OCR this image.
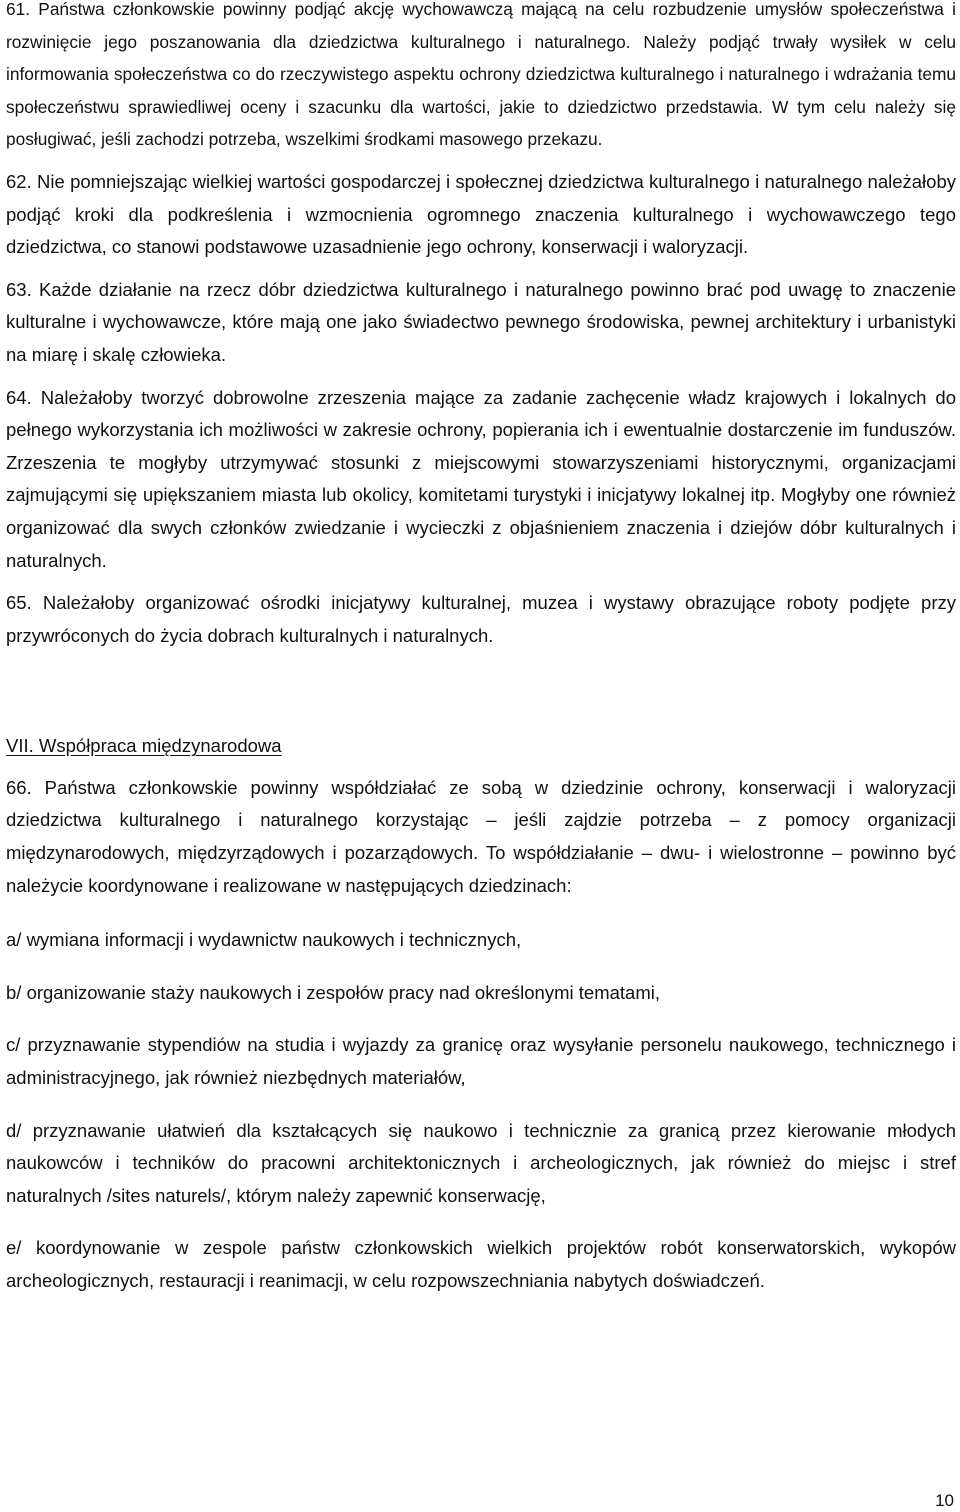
61. Państwa członkowskie powinny podjąć akcję wychowawczą mającą na celu rozbudzenie umysłów społeczeństwa i rozwinięcie jego poszanowania dla dziedzictwa kulturalnego i naturalnego. Należy podjąć trwały wysiłek w celu informowania społeczeństwa co do rzeczywistego aspektu ochrony dziedzictwa kulturalnego i naturalnego i wdrażania temu społeczeństwu sprawiedliwej oceny i szacunku dla wartości, jakie to dziedzictwo przedstawia. W tym celu należy się posługiwać, jeśli zachodzi potrzeba, wszelkimi środkami masowego przekazu.

62. Nie pomniejszając wielkiej wartości gospodarczej i społecznej dziedzictwa kulturalnego i naturalnego należałoby podjąć kroki dla podkreślenia i wzmocnienia ogromnego znaczenia kulturalnego i wychowawczego tego dziedzictwa, co stanowi podstawowe uzasadnienie jego ochrony, konserwacji i waloryzacji.

63. Każde działanie na rzecz dóbr dziedzictwa kulturalnego i naturalnego powinno brać pod uwagę to znaczenie kulturalne i wychowawcze, które mają one jako świadectwo pewnego środowiska, pewnej architektury i urbanistyki na miarę i skalę człowieka.

64. Należałoby tworzyć dobrowolne zrzeszenia mające za zadanie zachęcenie władz krajowych i lokalnych do pełnego wykorzystania ich możliwości w zakresie ochrony, popierania ich i ewentualnie dostarczenie im funduszów. Zrzeszenia te mogłyby utrzymywać stosunki z miejscowymi stowarzyszeniami historycznymi, organizacjami zajmującymi się upiększaniem miasta lub okolicy, komitetami turystyki i inicjatywy lokalnej itp. Mogłyby one również organizować dla swych członków zwiedzanie i wycieczki z objaśnieniem znaczenia i dziejów dóbr kulturalnych i naturalnych.

65. Należałoby organizować ośrodki inicjatywy kulturalnej, muzea i wystawy obrazujące roboty podjęte przy przywróconych do życia dobrach kulturalnych i naturalnych.

VII. Współpraca międzynarodowa

66. Państwa członkowskie powinny współdziałać ze sobą w dziedzinie ochrony, konserwacji i waloryzacji dziedzictwa kulturalnego i naturalnego korzystając – jeśli zajdzie potrzeba – z pomocy organizacji międzynarodowych, międzyrządowych i pozarządowych. To współdziałanie – dwu- i wielostronne – powinno być należycie koordynowane i realizowane w następujących dziedzinach:

a/ wymiana informacji i wydawnictw naukowych i technicznych,

b/ organizowanie staży naukowych i zespołów pracy nad określonymi tematami,

c/ przyznawanie stypendiów na studia i wyjazdy za granicę oraz wysyłanie personelu naukowego, technicznego i administracyjnego, jak również niezbędnych materiałów,

d/ przyznawanie ułatwień dla kształcących się naukowo i technicznie za granicą przez kierowanie młodych naukowców i techników do pracowni architektonicznych i archeologicznych, jak również do miejsc i stref naturalnych /sites naturels/, którym należy zapewnić konserwację,

e/ koordynowanie w zespole państw członkowskich wielkich projektów robót konserwatorskich, wykopów archeologicznych, restauracji i reanimacji, w celu rozpowszechniania nabytych doświadczeń.

10
